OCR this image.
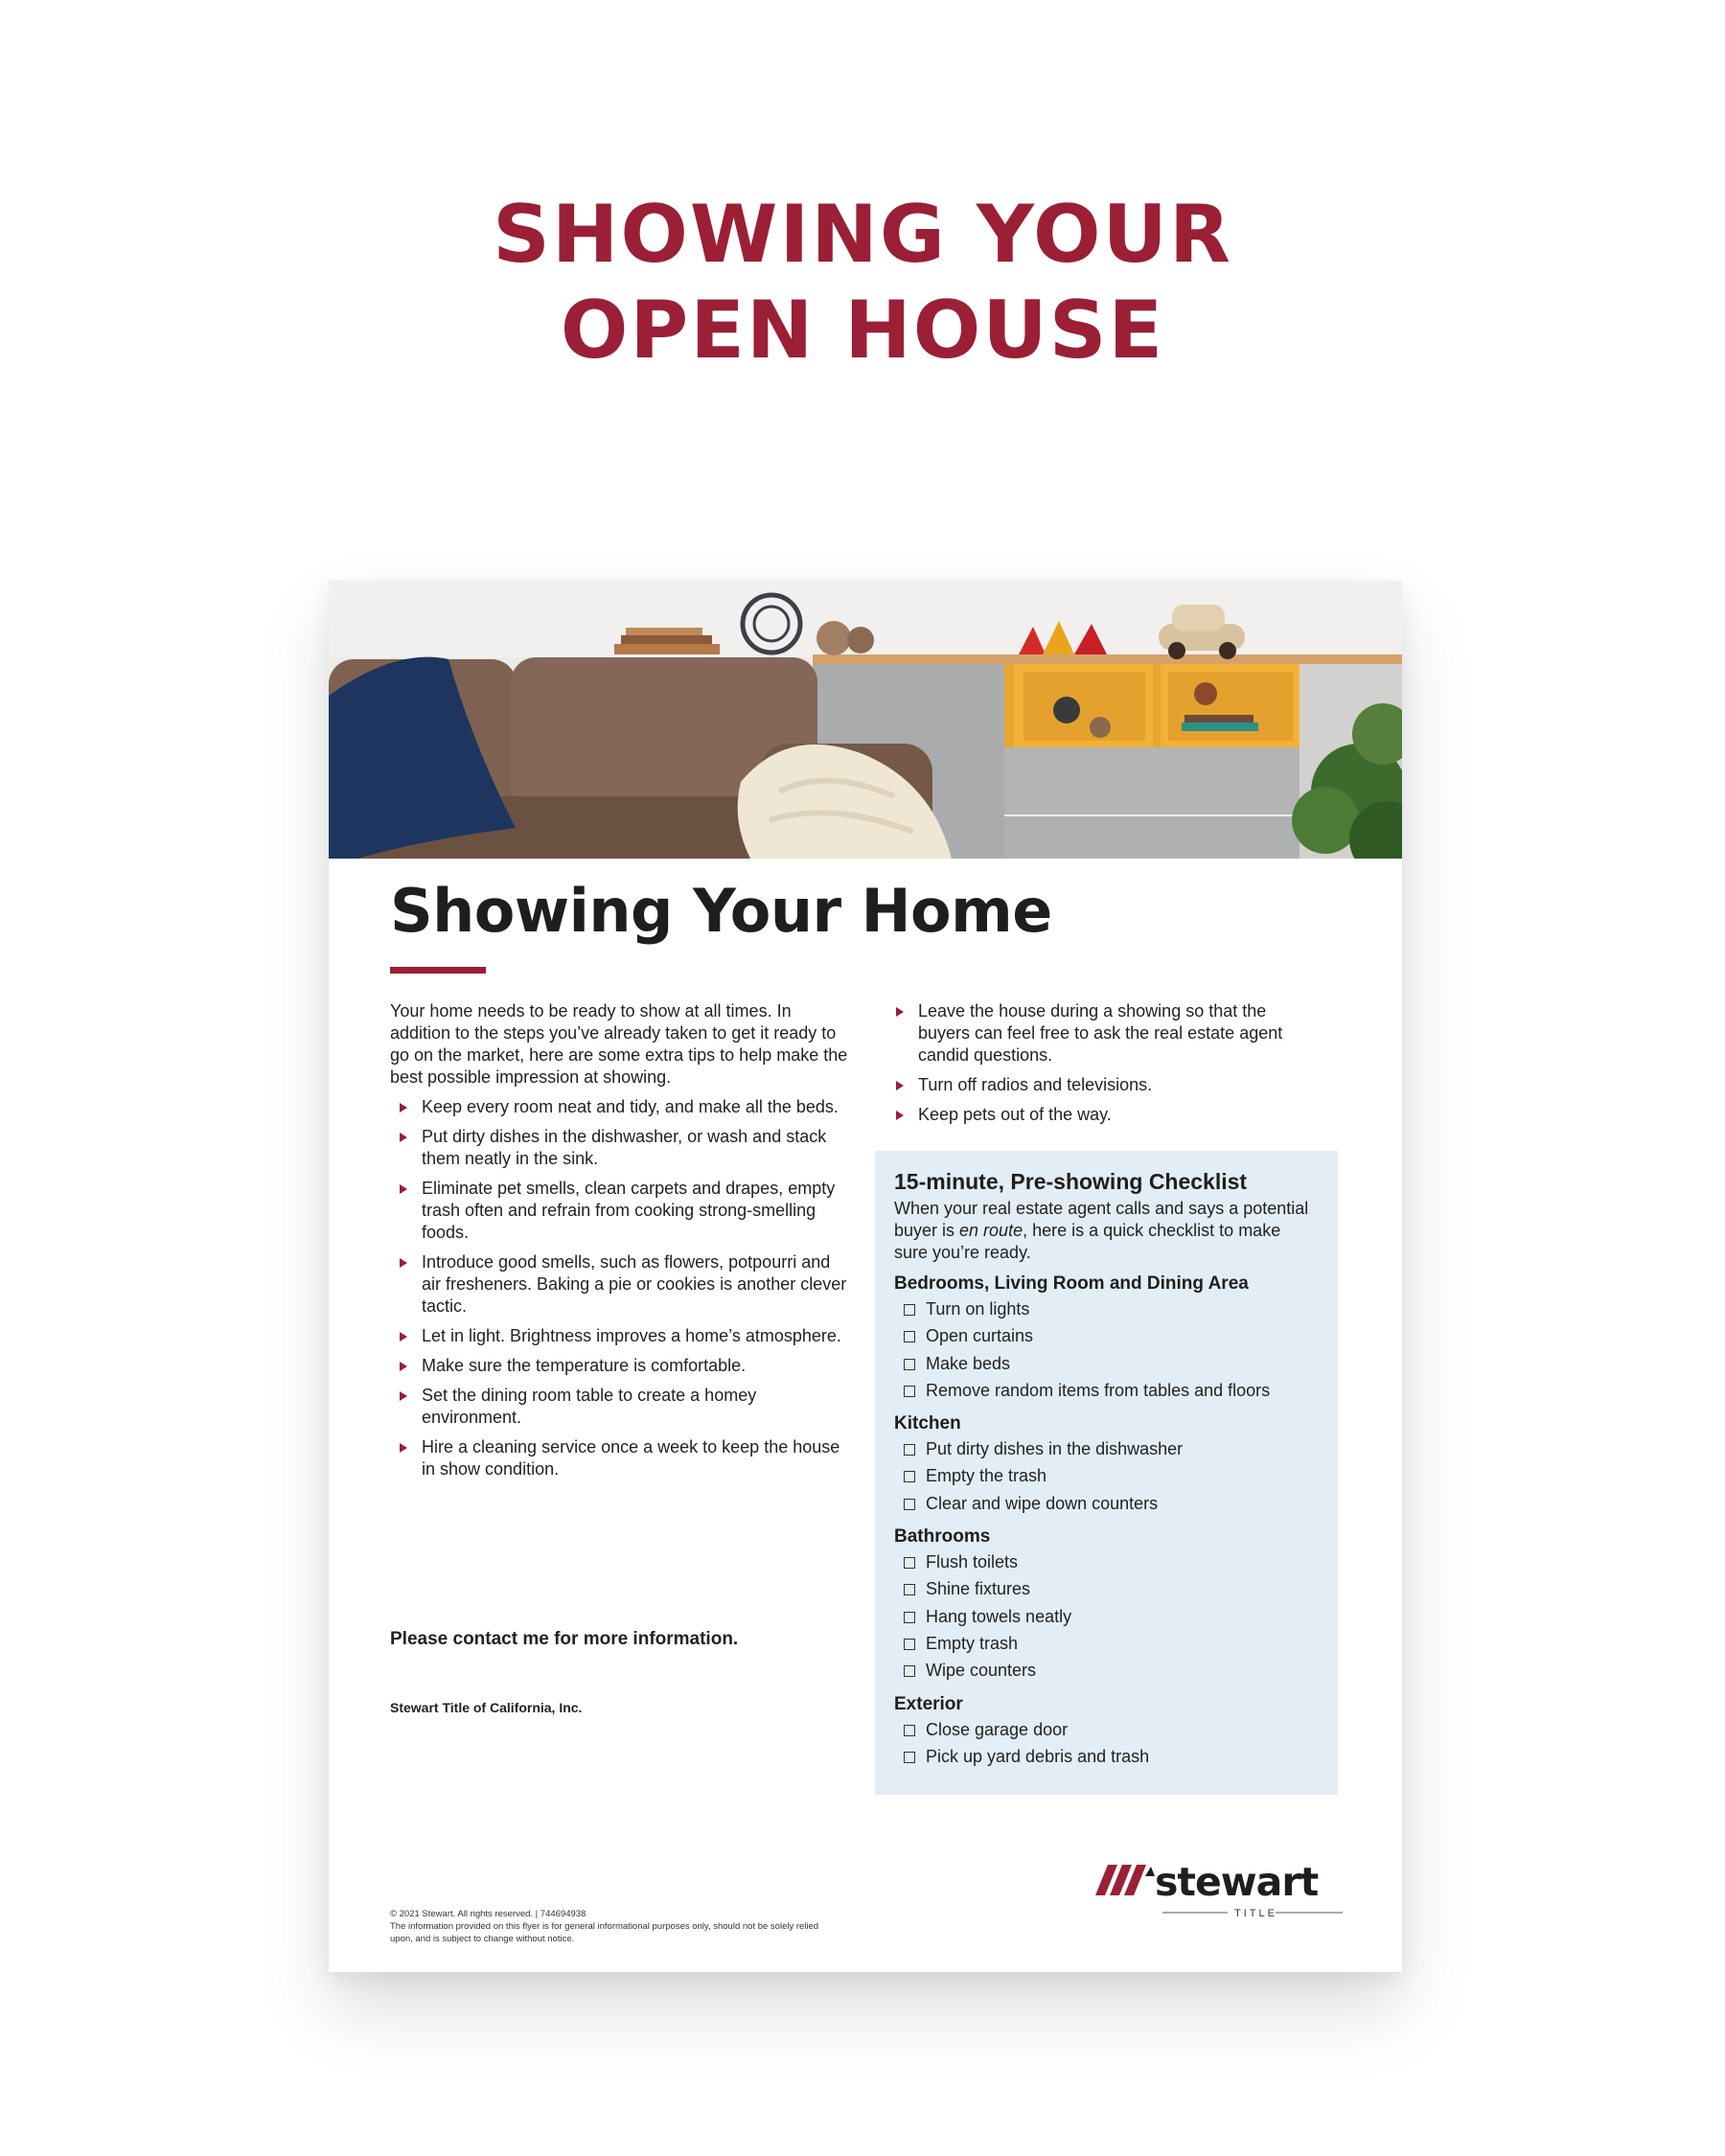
SHOWING YOUR
OPEN HOUSE
Showing Your Home

Your home needs to be ready to show at all times. In addition to the steps you’ve already taken to get it ready to go on the market, here are some extra tips to help make the best possible impression at showing.

Keep every room neat and tidy, and make all the beds.
Put dirty dishes in the dishwasher, or wash and stack them neatly in the sink.
Eliminate pet smells, clean carpets and drapes, empty trash often and refrain from cooking strong-smelling foods.
Introduce good smells, such as flowers, potpourri and air fresheners. Baking a pie or cookies is another clever tactic.
Let in light. Brightness improves a home’s atmosphere.
Make sure the temperature is comfortable.
Set the dining room table to create a homey environment.
Hire a cleaning service once a week to keep the house in show condition.
Leave the house during a showing so that the buyers can feel free to ask the real estate agent candid questions.
Turn off radios and televisions.
Keep pets out of the way.
15-minute, Pre-showing Checklist

When your real estate agent calls and says a potential buyer is en route, here is a quick checklist to make sure you’re ready.

Bedrooms, Living Room and Dining Area
Turn on lights
Open curtains
Make beds
Remove random items from tables and floors
Kitchen
Put dirty dishes in the dishwasher
Empty the trash
Clear and wipe down counters
Bathrooms
Flush toilets
Shine fixtures
Hang towels neatly
Empty trash
Wipe counters
Exterior
Close garage door
Pick up yard debris and trash
Please contact me for more information.
Stewart Title of California, Inc.
stewart
TITLE
© 2021 Stewart. All rights reserved. | 744694938
The information provided on this flyer is for general informational purposes only, should not be solely relied upon, and is subject to change without notice.
